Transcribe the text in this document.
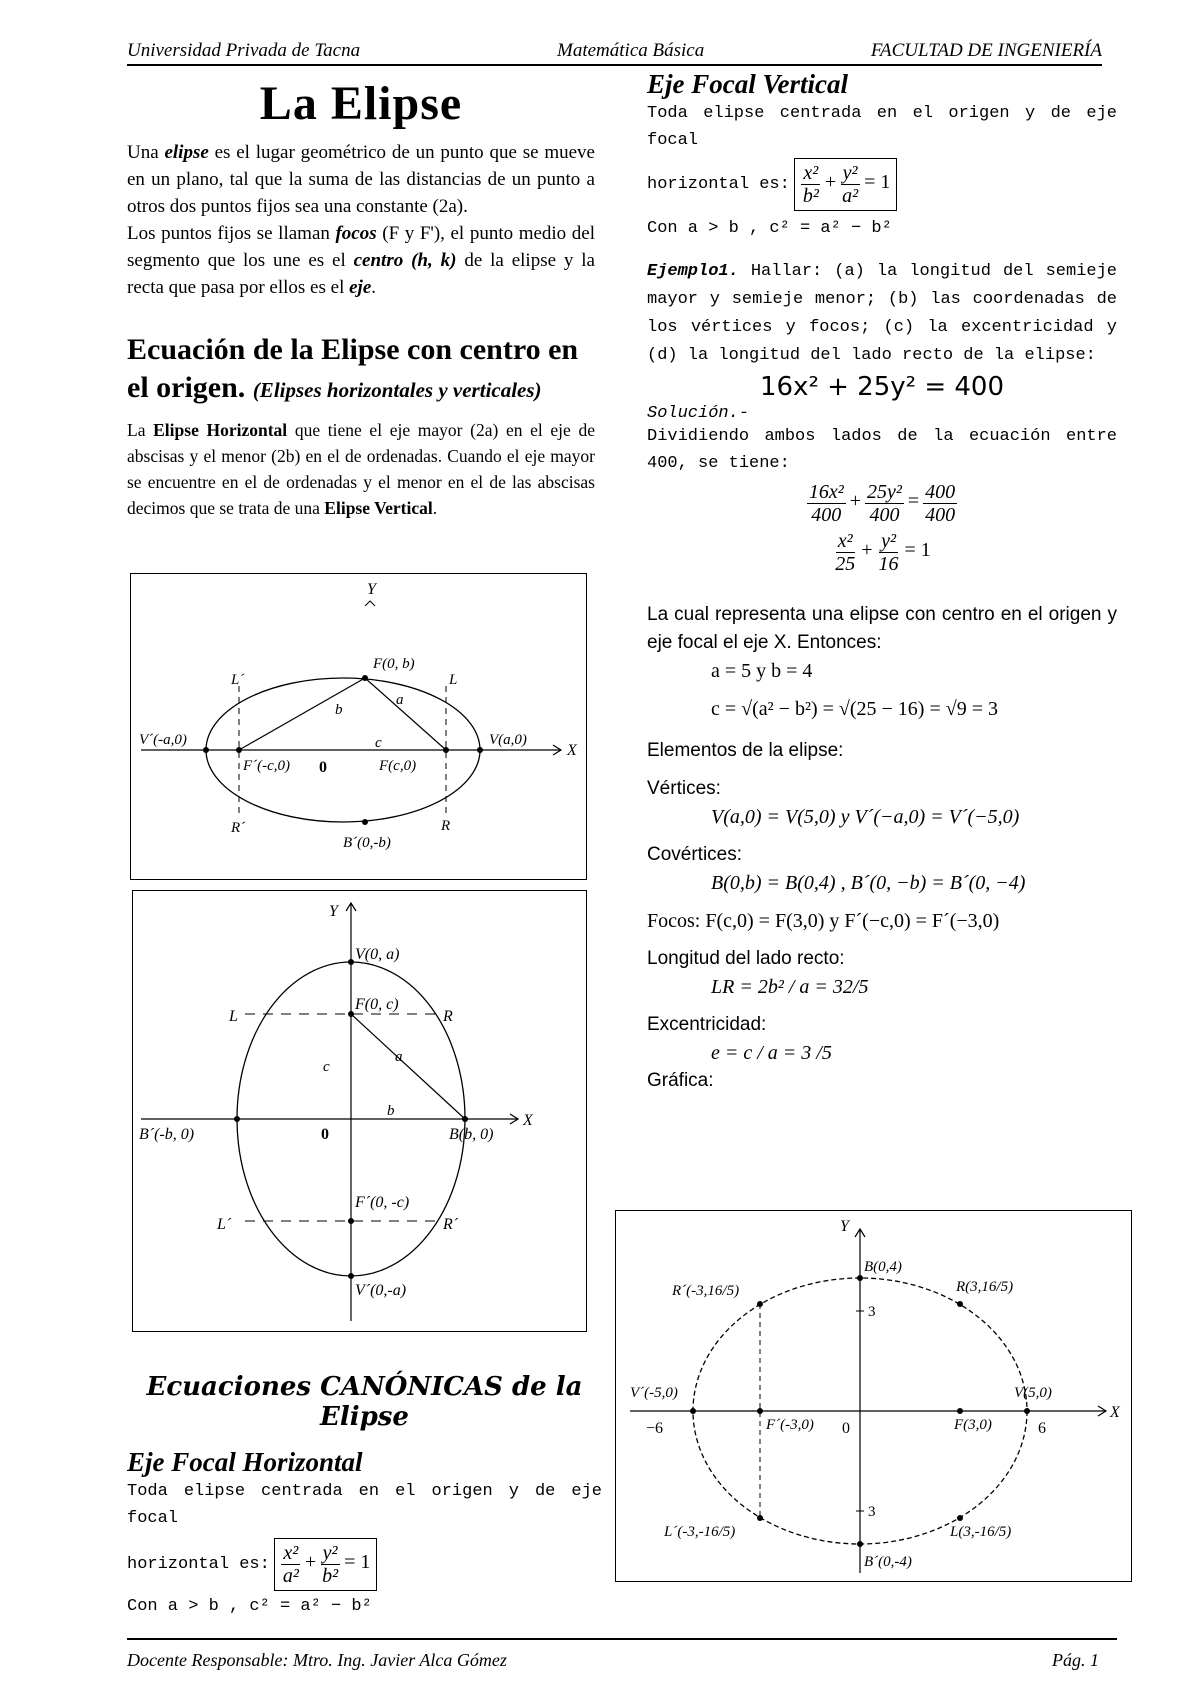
Universidad Privada de Tacna	Matemática Básica	FACULTAD DE INGENIERÍA
La Elipse

Una elipse es el lugar geométrico de un punto que se mueve en un plano, tal que la suma de las distancias de un punto a otros dos puntos fijos sea una constante (2a).

Los puntos fijos se llaman focos (F y F'), el punto medio del segmento que los une es el centro (h, k) de la elipse y la recta que pasa por ellos es el eje.

Ecuación de la Elipse con centro en el origen. (Elipses horizontales y verticales)

La Elipse Horizontal que tiene el eje mayor (2a) en el eje de abscisas y el menor (2b) en el de ordenadas. Cuando el eje mayor se encuentre en el de ordenadas y el menor en el de las abscisas decimos que se trata de una Elipse Vertical.

Y
X
F(0, b)
L´	L
V´(-a,0)	V(a,0)
F´(-c,0) 0	F(c,0)
b
a
c
R´	R
B´(0,-b)
Y
X
V(0, a)
F(0, c)
L	R
c
a
b
B´(-b, 0)	0	B(b, 0)
F´(0, -c)
L´	R´
V´(0,-a)
Ecuaciones CANÓNICAS de la Elipse
Eje Focal Horizontal

Toda elipse centrada en el origen y de eje focal

horizontal es: $\frac{\text{x²}}{\text{a²}} + \frac{\text{y²}}{\text{b²}} = 1$
Con a > b , c² = a² − b²
Eje Focal Vertical

Toda elipse centrada en el origen y de eje focal

horizontal es: $\frac{\text{x²}}{\text{b²}} + \frac{\text{y²}}{\text{a²}} = 1$
Con a > b , c² = a² − b²

Ejemplo1. Hallar: (a) la longitud del semieje mayor y semieje menor; (b) las coordenadas de los vértices y focos; (c) la excentricidad y (d) la longitud del lado recto de la elipse:

16x² + 25y² = 400
Solución.-

Dividiendo ambos lados de la ecuación entre 400, se tiene:

$\frac{\text{16x²}}{400} + \frac{\text{25y²}}{400} = \frac{400}{400}$
$\frac{\text{x²}}{25} + \frac{\text{y²}}{16} = 1$

La cual representa una elipse con centro en el origen y eje focal el eje X. Entonces:

a = 5 y b = 4
c = √(a² − b²) = √(25 − 16) = √9 = 3
Elementos de la elipse:
Vértices:
V(a,0) = V(5,0) y V´(−a,0) = V´(−5,0)
Covértices:
B(0,b) = B(0,4) , B´(0, −b) = B´(0, −4)
Focos: F(c,0) = F(3,0) y F´(−c,0) = F´(−3,0)
Longitud del lado recto:
LR = 2b² / a = 32/5
Excentricidad:
e = c / a = 3 /5
Gráfica:
Y
X
B(0,4)
R´(-3,16/5)	R(3,16/5)
3
V´(-5,0)	V(5,0)
−6	F´(-3,0) 0	F(3,0)	6
3
L´(-3,-16/5)	L(3,-16/5)
B´(0,-4)
Docente Responsable: Mtro. Ing. Javier Alca Gómez	Pág. 1
